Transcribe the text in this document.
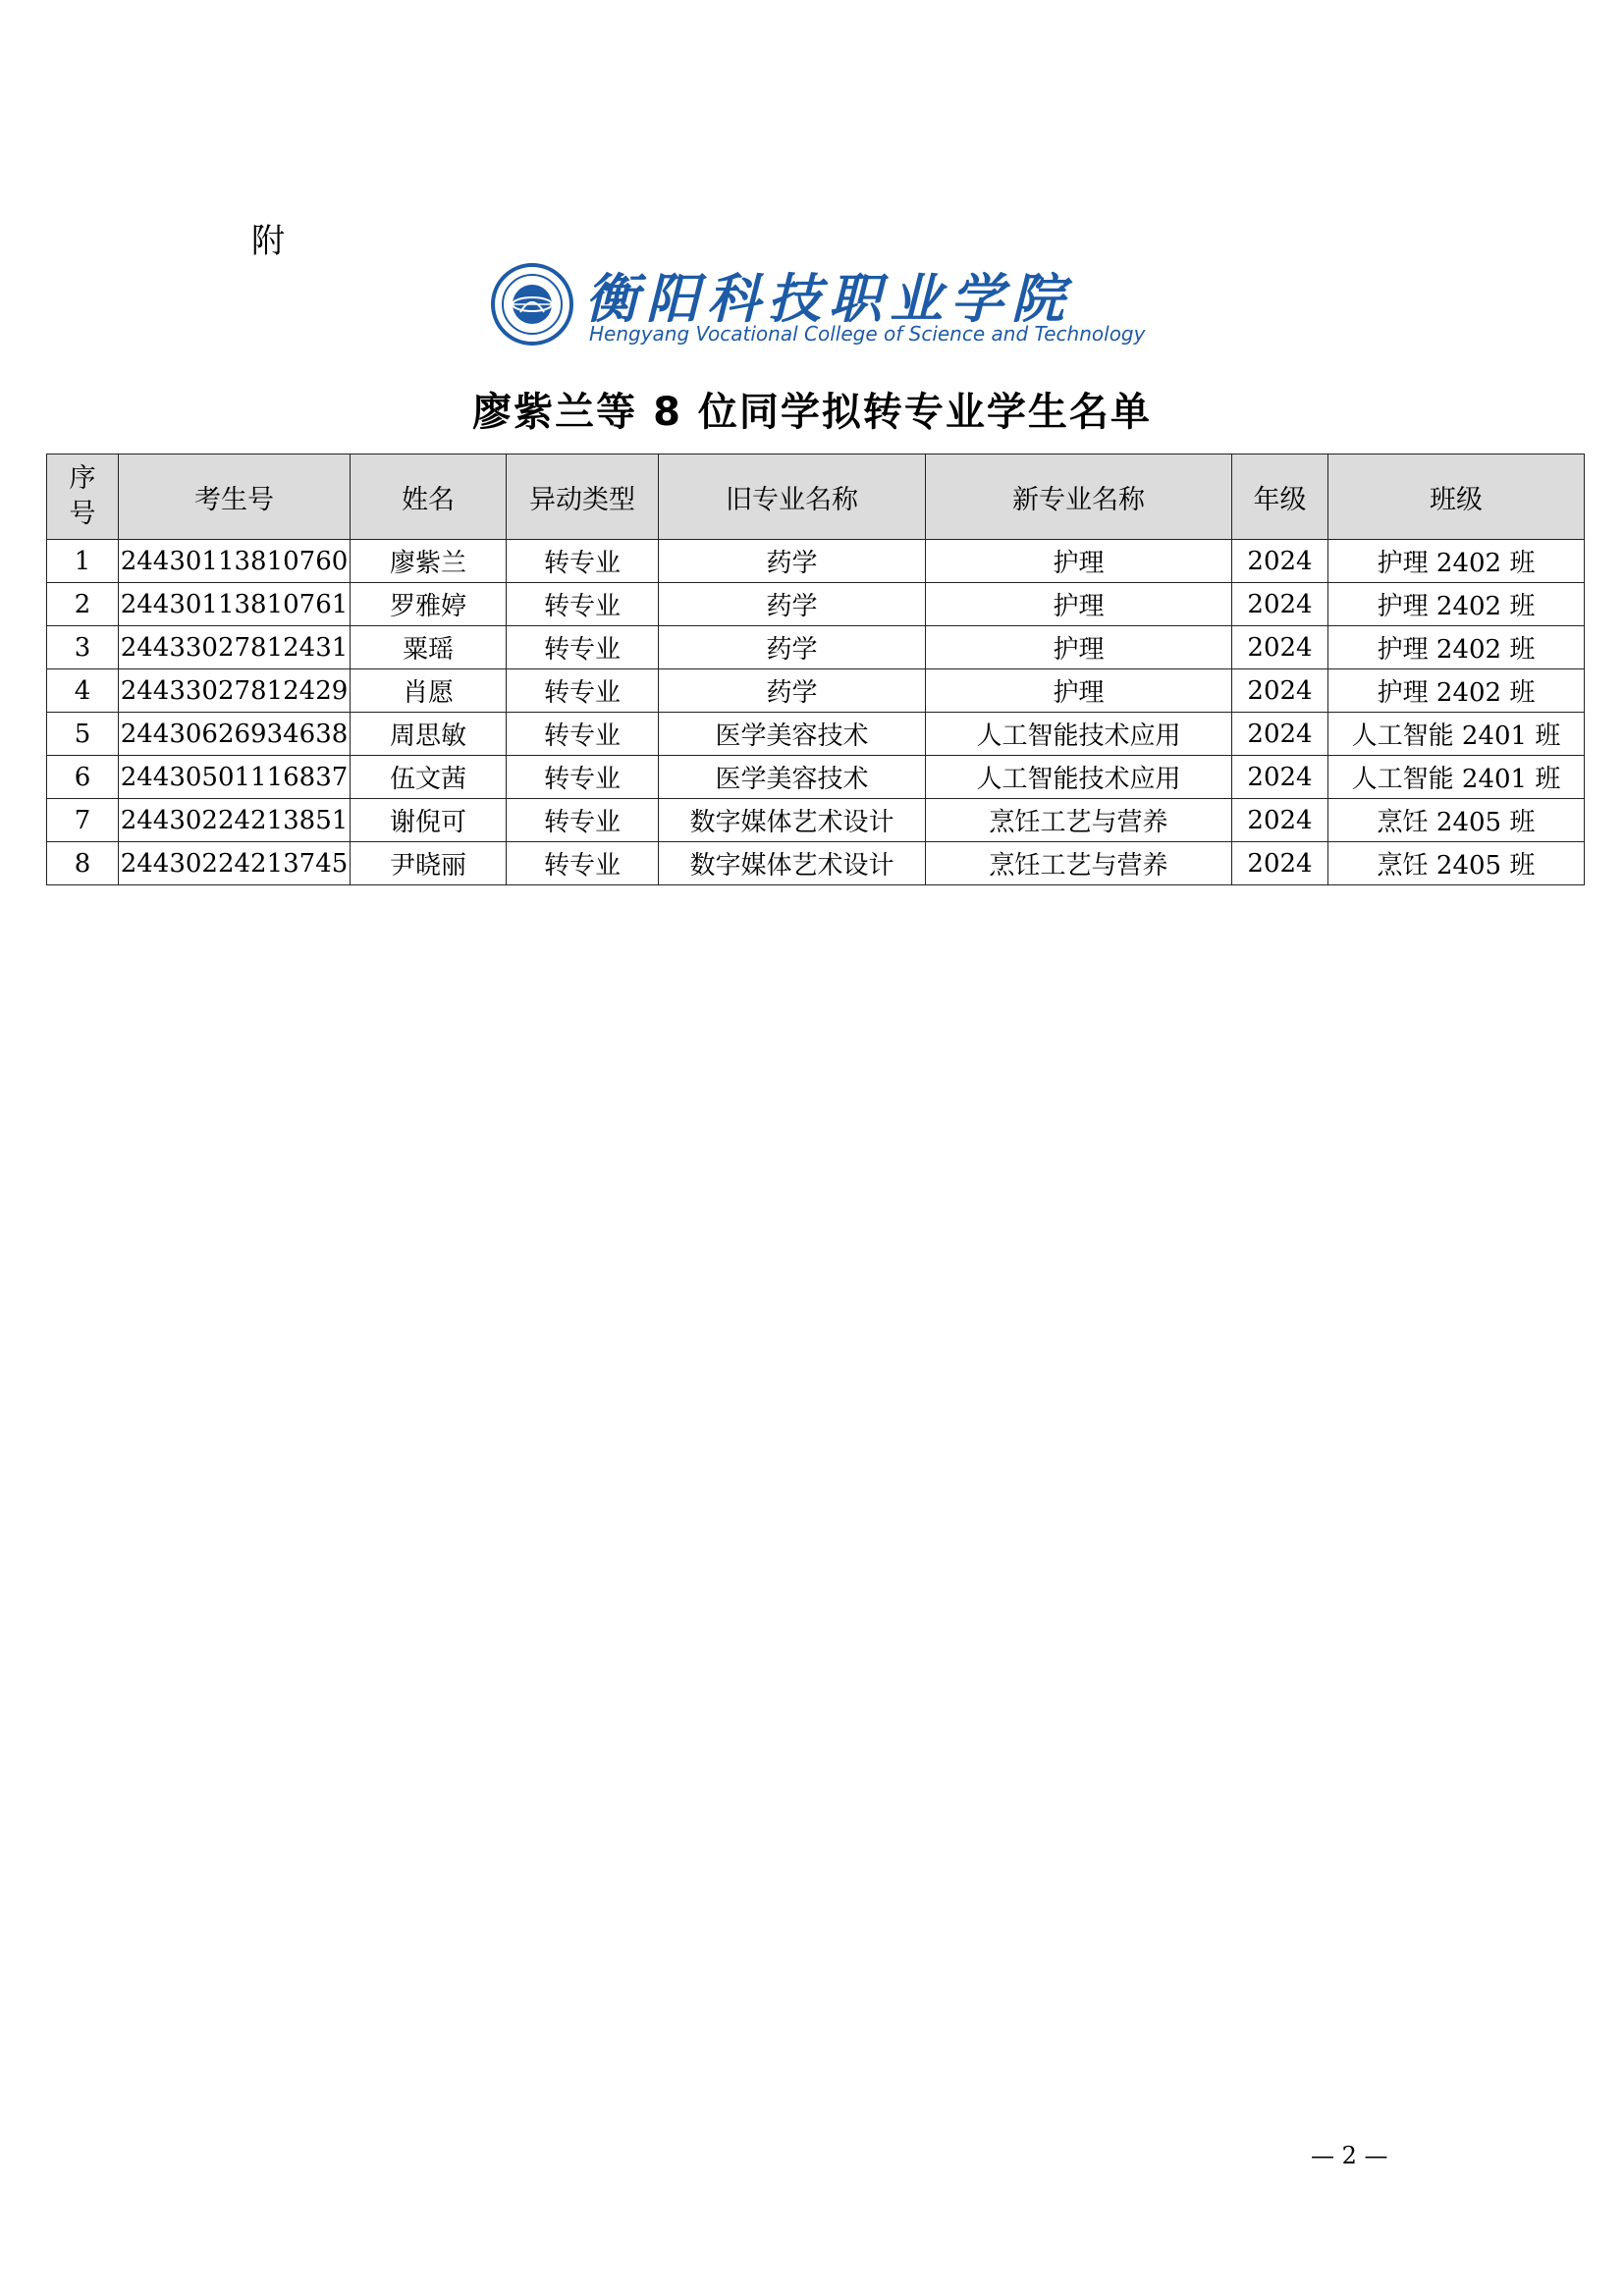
附
衡阳科技职业学院
Hengyang Vocational College of Science and Technology
廖紫兰等 8 位同学拟转专业学生名单
序
号	考生号	姓名	异动类型	旧专业名称	新专业名称	年级	班级
1	24430113810760	廖紫兰	转专业	药学	护理	2024	护理 2402 班
2	24430113810761	罗雅婷	转专业	药学	护理	2024	护理 2402 班
3	24433027812431	粟瑶	转专业	药学	护理	2024	护理 2402 班
4	24433027812429	肖愿	转专业	药学	护理	2024	护理 2402 班
5	24430626934638	周思敏	转专业	医学美容技术	人工智能技术应用	2024	人工智能 2401 班
6	24430501116837	伍文茜	转专业	医学美容技术	人工智能技术应用	2024	人工智能 2401 班
7	24430224213851	谢倪可	转专业	数字媒体艺术设计	烹饪工艺与营养	2024	烹饪 2405 班
8	24430224213745	尹晓丽	转专业	数字媒体艺术设计	烹饪工艺与营养	2024	烹饪 2405 班
— 2 —
